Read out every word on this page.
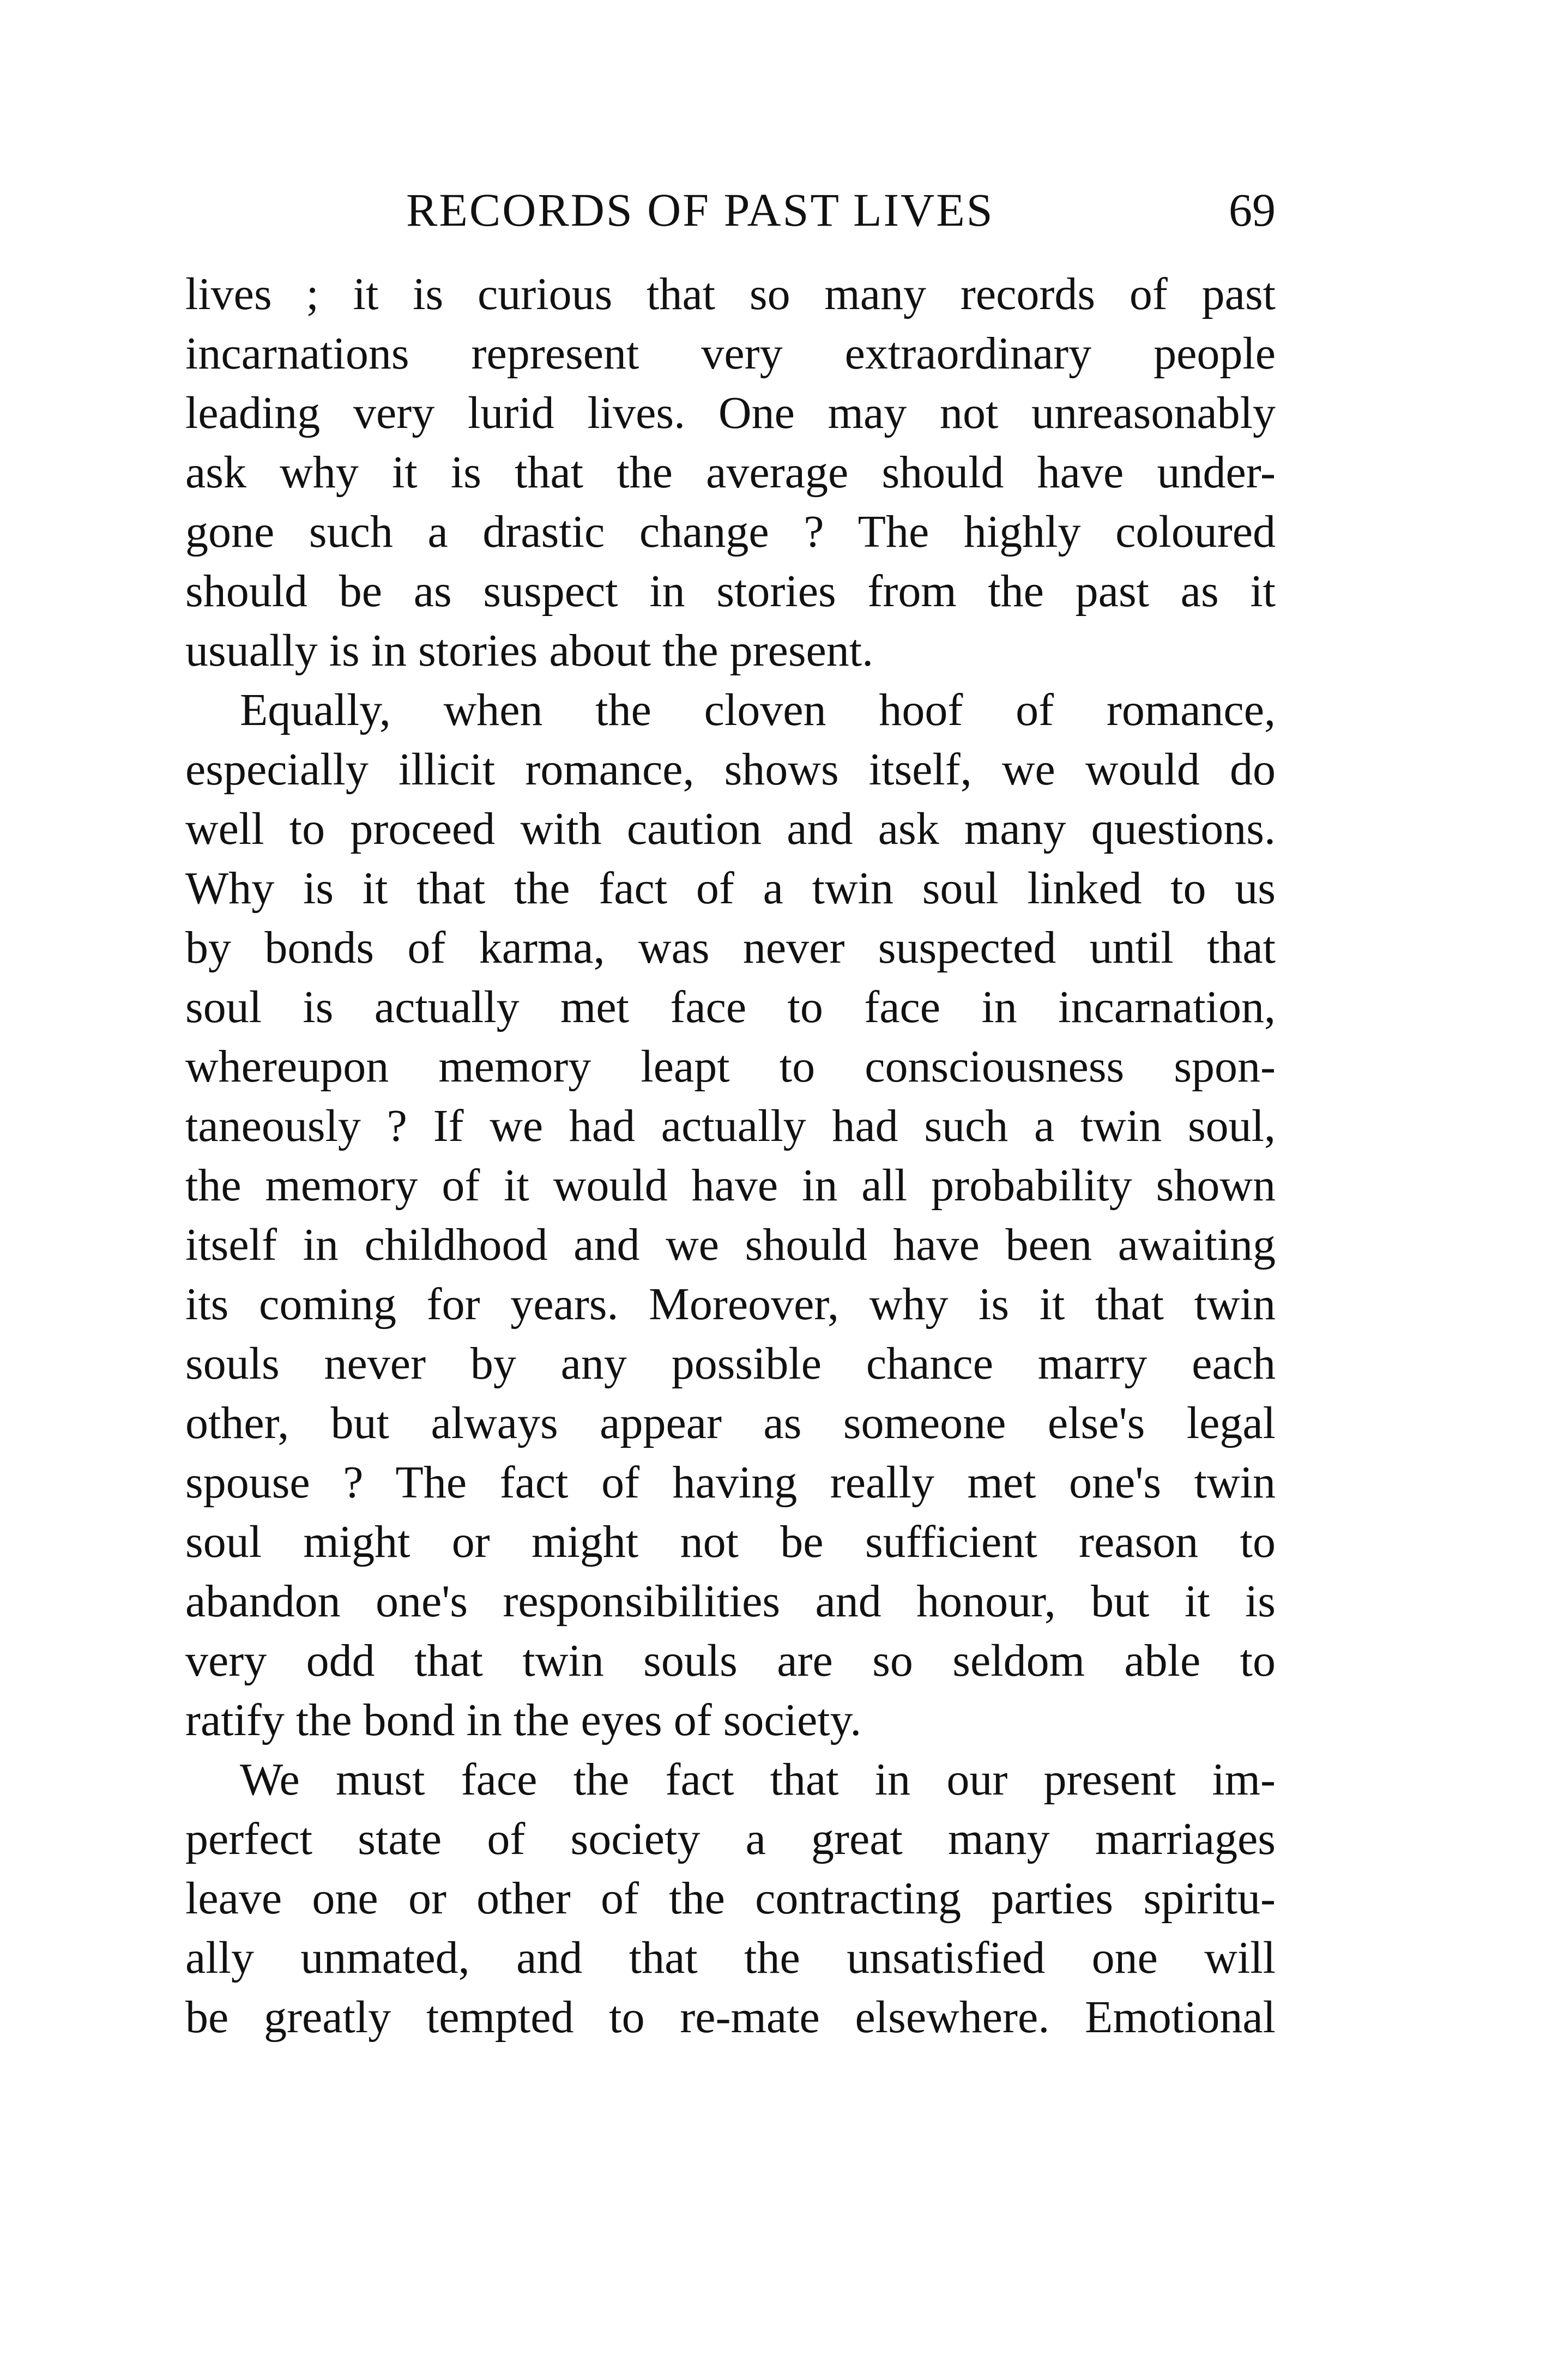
RECORDS OF PAST LIVES	69
lives ; it is curious that so many records of past
incarnations represent very extraordinary people
leading very lurid lives. One may not unreasonably
ask why it is that the average should have under-
gone such a drastic change ? The highly coloured
should be as suspect in stories from the past as it
usually is in stories about the present.
Equally, when the cloven hoof of romance,
especially illicit romance, shows itself, we would do
well to proceed with caution and ask many questions.
Why is it that the fact of a twin soul linked to us
by bonds of karma, was never suspected until that
soul is actually met face to face in incarnation,
whereupon memory leapt to consciousness spon-
taneously ? If we had actually had such a twin soul,
the memory of it would have in all probability shown
itself in childhood and we should have been awaiting
its coming for years. Moreover, why is it that twin
souls never by any possible chance marry each
other, but always appear as someone else's legal
spouse ? The fact of having really met one's twin
soul might or might not be sufficient reason to
abandon one's responsibilities and honour, but it is
very odd that twin souls are so seldom able to
ratify the bond in the eyes of society.
We must face the fact that in our present im-
perfect state of society a great many marriages
leave one or other of the contracting parties spiritu-
ally unmated, and that the unsatisfied one will
be greatly tempted to re-mate elsewhere. Emotional
